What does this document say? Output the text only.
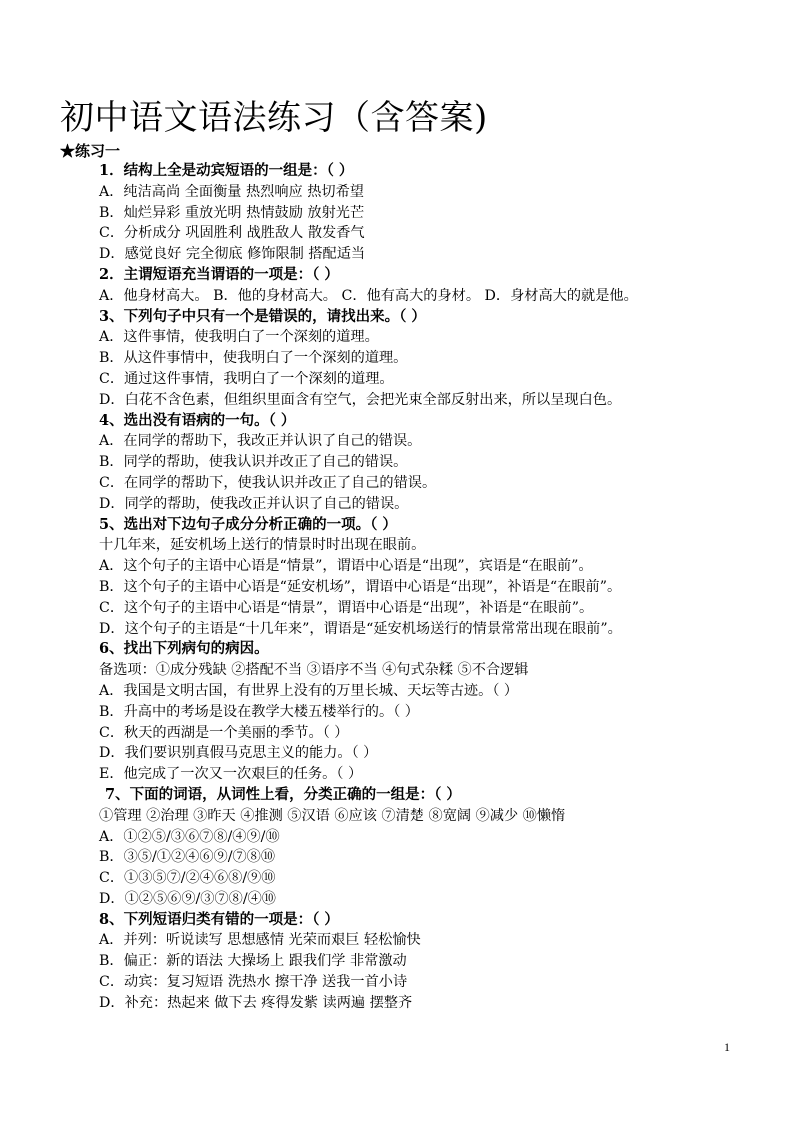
初中语文语法练习（含答案)
★练习一
1．结构上全是动宾短语的一组是：（ ）
A．纯洁高尚 全面衡量 热烈响应 热切希望
B．灿烂异彩 重放光明 热情鼓励 放射光芒
C．分析成分 巩固胜利 战胜敌人 散发香气
D．感觉良好 完全彻底 修饰限制 搭配适当
2．主谓短语充当谓语的一项是：（ ）
A．他身材高大。 B．他的身材高大。 C．他有高大的身材。 D．身材高大的就是他。
3、下列句子中只有一个是错误的，请找出来。（ ）
A．这件事情，使我明白了一个深刻的道理。
B．从这件事情中，使我明白了一个深刻的道理。
C．通过这件事情，我明白了一个深刻的道理。
D．白花不含色素，但组织里面含有空气，会把光束全部反射出来，所以呈现白色。
4、选出没有语病的一句。（ ）
A．在同学的帮助下，我改正并认识了自己的错误。
B．同学的帮助，使我认识并改正了自己的错误。
C．在同学的帮助下，使我认识并改正了自己的错误。
D．同学的帮助，使我改正并认识了自己的错误。
5、选出对下边句子成分分析正确的一项。（ ）
十几年来，延安机场上送行的情景时时出现在眼前。
A．这个句子的主语中心语是“情景”，谓语中心语是“出现”，宾语是“在眼前”。
B．这个句子的主语中心语是“延安机场”，谓语中心语是“出现”，补语是“在眼前”。
C．这个句子的主语中心语是“情景”，谓语中心语是“出现”，补语是“在眼前”。
D．这个句子的主语是“十几年来”，谓语是“延安机场送行的情景常常出现在眼前”。
6、找出下列病句的病因。
备选项：①成分残缺 ②搭配不当 ③语序不当 ④句式杂糅 ⑤不合逻辑
A．我国是文明古国，有世界上没有的万里长城、天坛等古迹。（ ）
B．升高中的考场是设在教学大楼五楼举行的。（ ）
C．秋天的西湖是一个美丽的季节。（ ）
D．我们要识别真假马克思主义的能力。（ ）
E．他完成了一次又一次艰巨的任务。（ ）
7、下面的词语，从词性上看，分类正确的一组是：（ ）
①管理 ②治理 ③昨天 ④推测 ⑤汉语 ⑥应该 ⑦清楚 ⑧宽阔 ⑨减少 ⑩懒惰
A．①②⑤/③⑥⑦⑧/④⑨/⑩
B．③⑤/①②④⑥⑨/⑦⑧⑩
C．①③⑤⑦/②④⑥⑧/⑨⑩
D．①②⑤⑥⑨/③⑦⑧/④⑩
8、下列短语归类有错的一项是：（ ）
A．并列：听说读写 思想感情 光荣而艰巨 轻松愉快
B．偏正：新的语法 大操场上 跟我们学 非常激动
C．动宾：复习短语 洗热水 擦干净 送我一首小诗
D．补充：热起来 做下去 疼得发紫 读两遍 摆整齐
1
